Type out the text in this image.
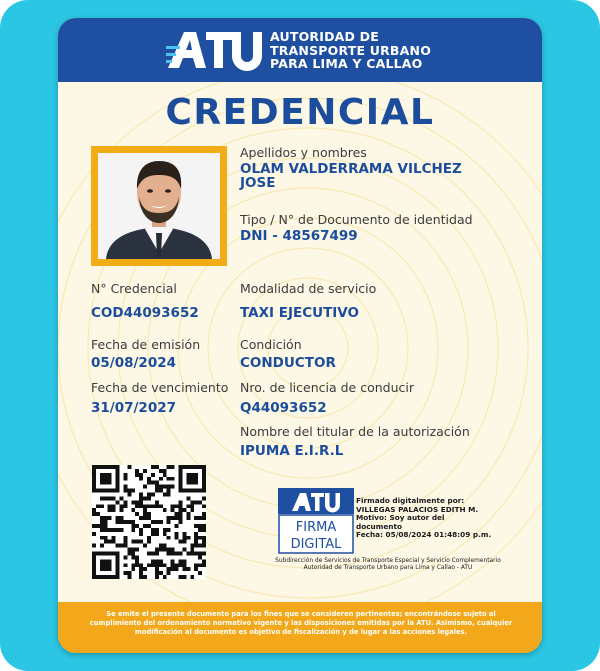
AUTORIDAD DE
TRANSPORTE URBANO
PARA LIMA Y CALLAO
CREDENCIAL
Apellidos y nombres
OLAM VALDERRAMA VILCHEZ
JOSE
Tipo / N° de Documento de identidad
DNI - 48567499
N° Credencial
COD44093652
Modalidad de servicio
TAXI EJECUTIVO
Fecha de emisión
05/08/2024
Condición
CONDUCTOR
Fecha de vencimiento
31/07/2027
Nro. de licencia de conducir
Q44093652
Nombre del titular de la autorización
IPUMA E.I.R.L
FIRMA
DIGITAL
Firmado digitalmente por:
VILLEGAS PALACIOS EDITH M.
Motivo: Soy autor del
documento
Fecha: 05/08/2024 01:48:09 p.m.
Subdirección de Servicios de Transporte Especial y Servicio Complementario
Autoridad de Transporte Urbano para Lima y Callao - ATU
Se emite el presente documento para los fines que se consideren pertinentes; encontrándose sujeto al
cumplimiento del ordenamiento normativo vigente y las disposiciones emitidas por la ATU. Asimismo, cualquier
modificación al documento es objetivo de fiscalización y de lugar a las acciones legales.
